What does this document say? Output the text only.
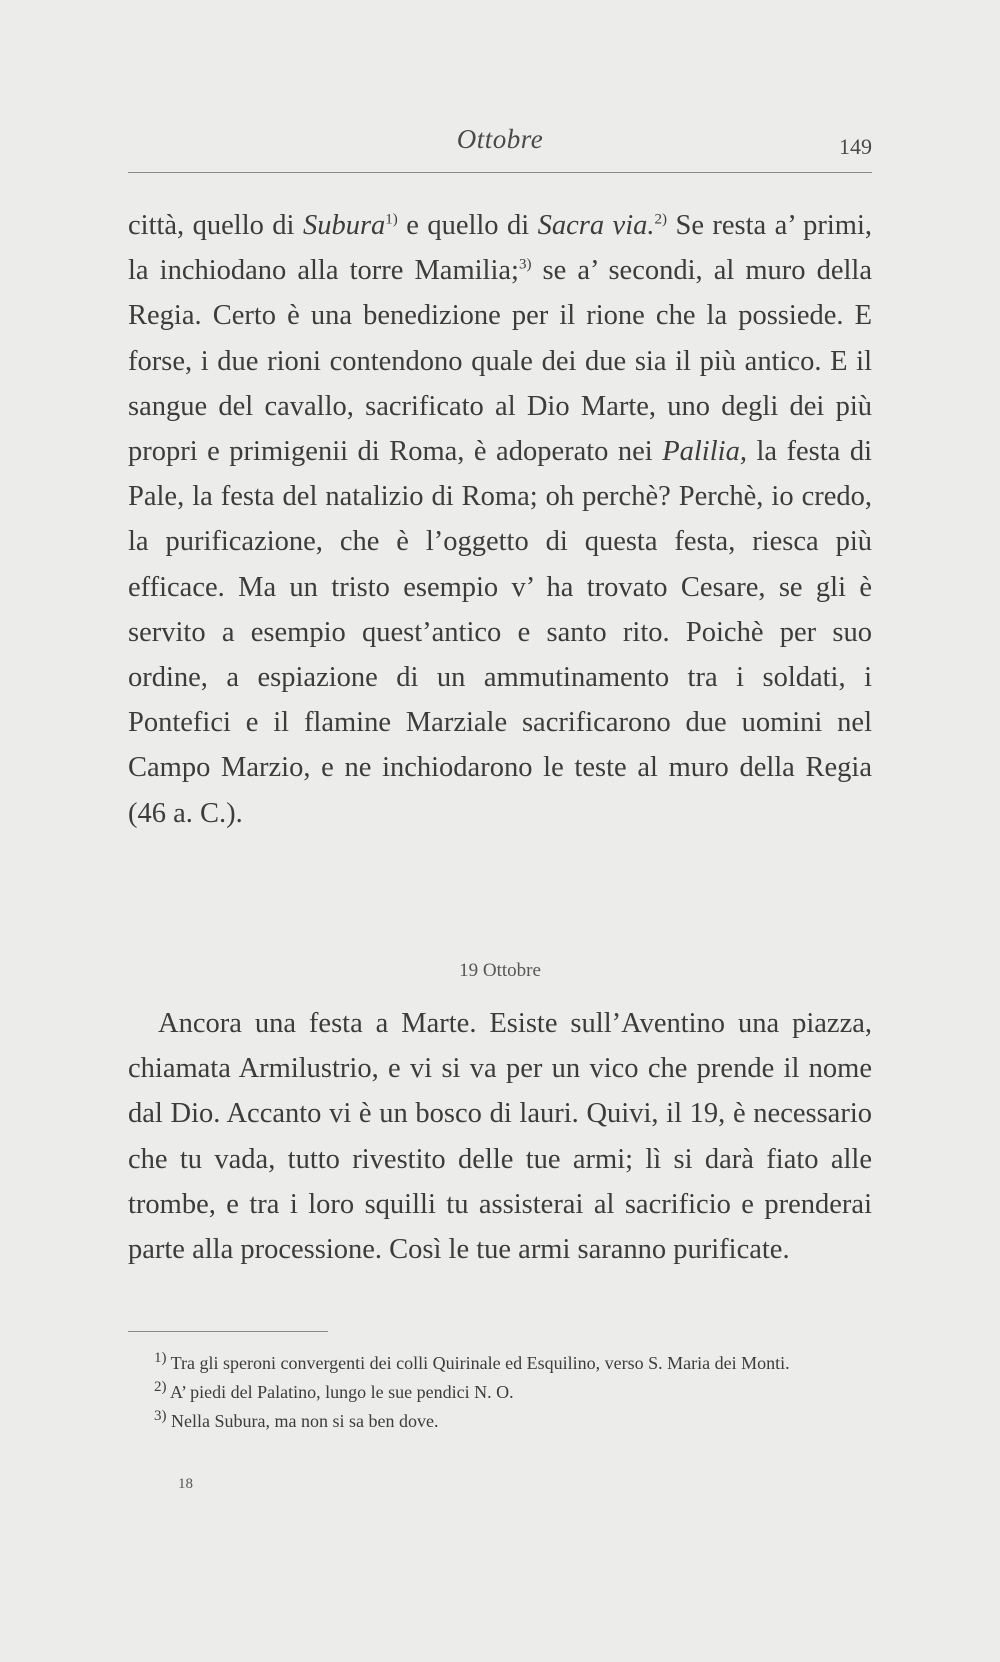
Ottobre	149

città, quello di Subura$^{1)}$ e quello di Sacra via.$^{2)}$ Se resta a’ primi, la inchiodano alla torre Mamilia;$^{3)}$ se a’ secondi, al muro della Regia. Certo è una benedizione per il rione che la possiede. E forse, i due rioni contendono quale dei due sia il più antico. E il sangue del cavallo, sacrificato al Dio Marte, uno degli dei più propri e primigenii di Roma, è adoperato nei Palilia, la festa di Pale, la festa del natalizio di Roma; oh perchè? Perchè, io credo, la purificazione, che è l’oggetto di questa festa, riesca più efficace. Ma un tristo esempio v’ ha trovato Cesare, se gli è servito a esempio quest’antico e santo rito. Poichè per suo ordine, a espiazione di un ammutinamento tra i soldati, i Pontefici e il flamine Marziale sacrificarono due uomini nel Campo Marzio, e ne inchiodarono le teste al muro della Regia (46 a. C.).

19 Ottobre

Ancora una festa a Marte. Esiste sull’Aventino una piazza, chiamata Armilustrio, e vi si va per un vico che prende il nome dal Dio. Accanto vi è un bosco di lauri. Quivi, il 19, è necessario che tu vada, tutto rivestito delle tue armi; lì si darà fiato alle trombe, e tra i loro squilli tu assisterai al sacrificio e prenderai parte alla processione. Così le tue armi saranno purificate.

$^{1)}$ Tra gli speroni convergenti dei colli Quirinale ed Esquilino, verso S. Maria dei Monti.

$^{2)}$ A’ piedi del Palatino, lungo le sue pendici N. O.

$^{3)}$ Nella Subura, ma non si sa ben dove.

18
